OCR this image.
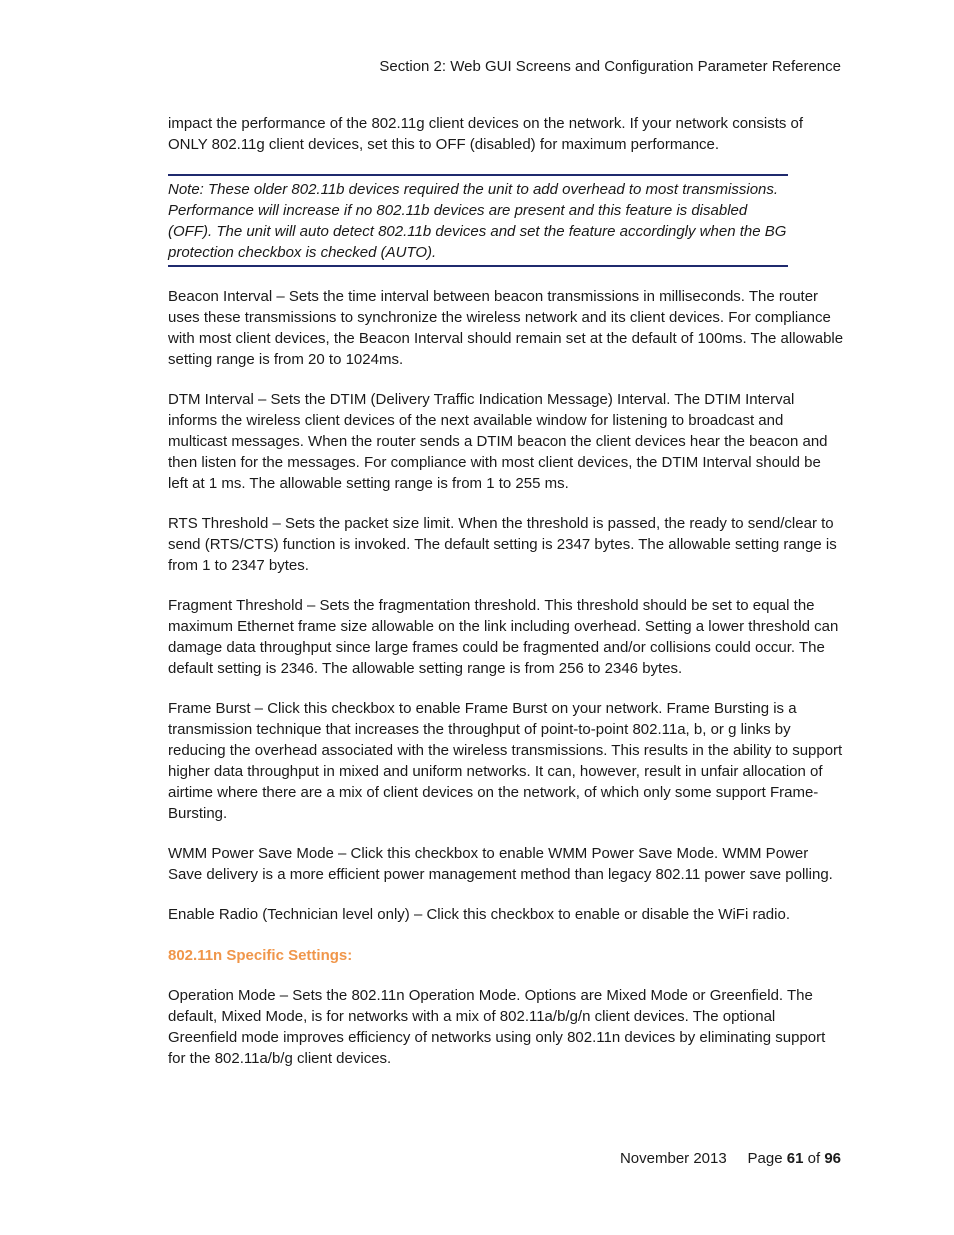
Section 2: Web GUI Screens and Configuration Parameter Reference

impact the performance of the 802.11g client devices on the network. If your network consists of ONLY 802.11g client devices, set this to OFF (disabled) for maximum performance.

Note: These older 802.11b devices required the unit to add overhead to most transmissions. Performance will increase if no 802.11b devices are present and this feature is disabled (OFF). The unit will auto detect 802.11b devices and set the feature accordingly when the BG protection checkbox is checked (AUTO).

Beacon Interval – Sets the time interval between beacon transmissions in milliseconds. The router uses these transmissions to synchronize the wireless network and its client devices. For compliance with most client devices, the Beacon Interval should remain set at the default of 100ms. The allowable setting range is from 20 to 1024ms.

DTM Interval – Sets the DTIM (Delivery Traffic Indication Message) Interval. The DTIM Interval informs the wireless client devices of the next available window for listening to broadcast and multicast messages. When the router sends a DTIM beacon the client devices hear the beacon and then listen for the messages. For compliance with most client devices, the DTIM Interval should be left at 1 ms. The allowable setting range is from 1 to 255 ms.

RTS Threshold – Sets the packet size limit. When the threshold is passed, the ready to send/clear to send (RTS/CTS) function is invoked. The default setting is 2347 bytes. The allowable setting range is from 1 to 2347 bytes.

Fragment Threshold – Sets the fragmentation threshold. This threshold should be set to equal the maximum Ethernet frame size allowable on the link including overhead. Setting a lower threshold can damage data throughput since large frames could be fragmented and/or collisions could occur. The default setting is 2346. The allowable setting range is from 256 to 2346 bytes.

Frame Burst – Click this checkbox to enable Frame Burst on your network. Frame Bursting is a transmission technique that increases the throughput of point-to-point 802.11a, b, or g links by reducing the overhead associated with the wireless transmissions. This results in the ability to support higher data throughput in mixed and uniform networks. It can, however, result in unfair allocation of airtime where there are a mix of client devices on the network, of which only some support Frame-Bursting.

WMM Power Save Mode – Click this checkbox to enable WMM Power Save Mode. WMM Power Save delivery is a more efficient power management method than legacy 802.11 power save polling.

Enable Radio (Technician level only) – Click this checkbox to enable or disable the WiFi radio.

802.11n Specific Settings:

Operation Mode – Sets the 802.11n Operation Mode. Options are Mixed Mode or Greenfield. The default, Mixed Mode, is for networks with a mix of 802.11a/b/g/n client devices. The optional Greenfield mode improves efficiency of networks using only 802.11n devices by eliminating support for the 802.11a/b/g client devices.

November 2013 Page 61 of 96
